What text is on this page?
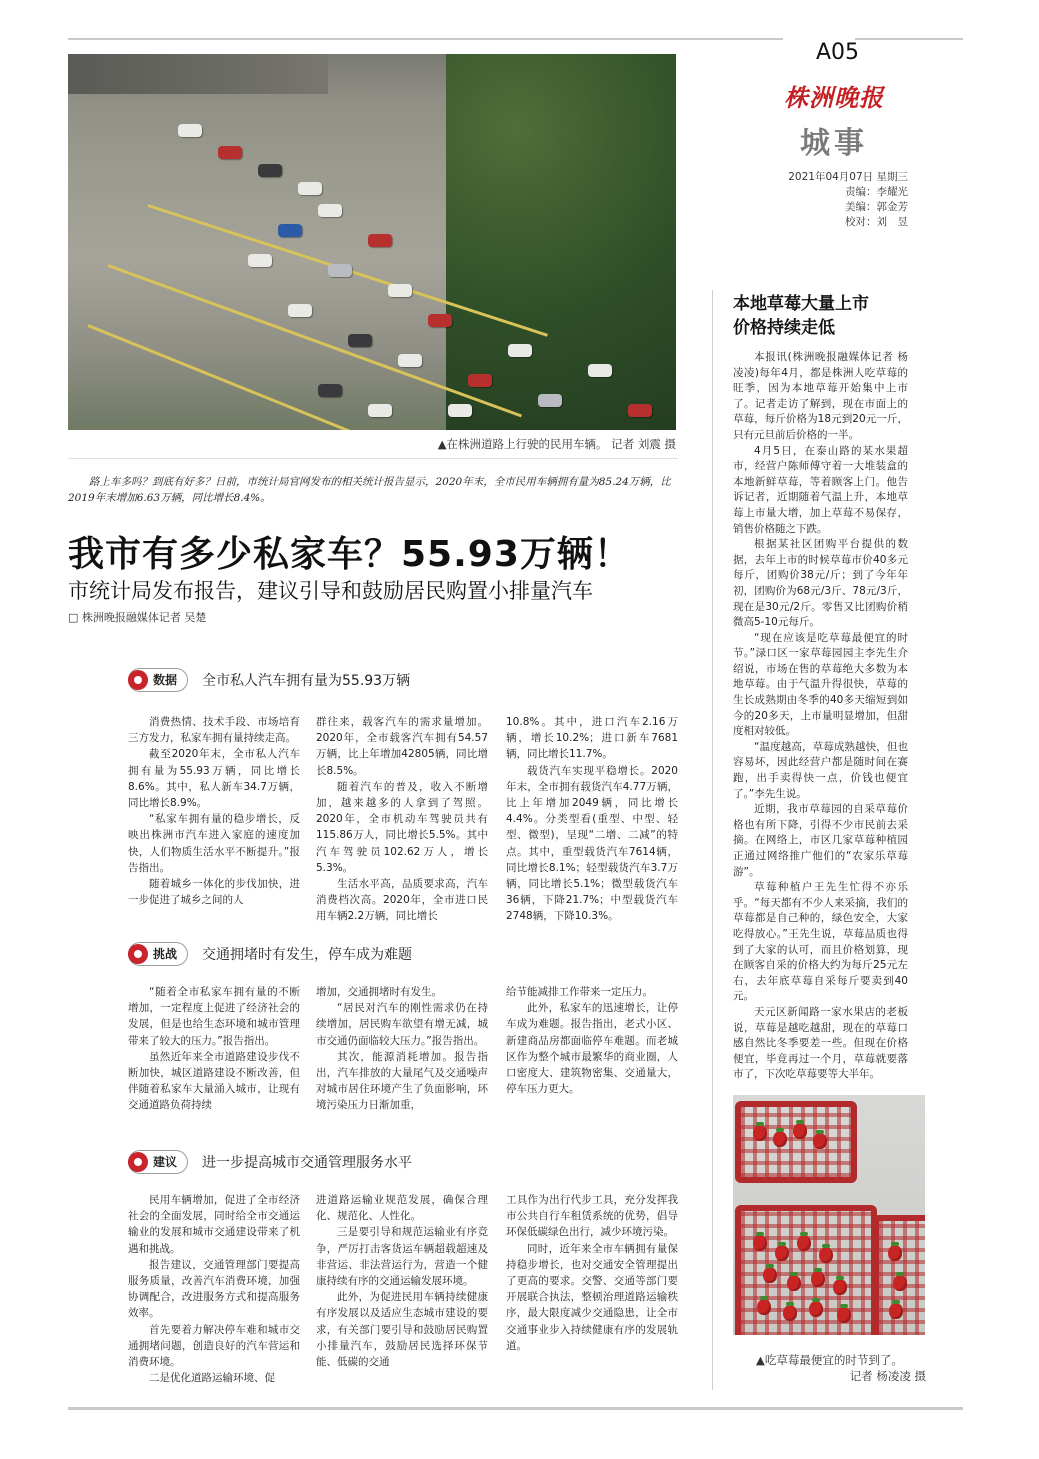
A05
株洲晚报
城事
2021年04月07日 星期三
责编：李耀光
美编：郭金芳
校对：刘　昱
▲在株洲道路上行驶的民用车辆。 记者 刘震 摄
路上车多吗？到底有好多？日前，市统计局官网发布的相关统计报告显示，2020年末，全市民用车辆拥有量为85.24万辆，比2019年末增加6.63万辆，同比增长8.4%。
我市有多少私家车？55.93万辆！
市统计局发布报告，建议引导和鼓励居民购置小排量汽车
□ 株洲晚报融媒体记者 吴楚
数据	全市私人汽车拥有量为55.93万辆
挑战	交通拥堵时有发生，停车成为难题
建议	进一步提高城市交通管理服务水平

消费热情、技术手段、市场培育三方发力，私家车拥有量持续走高。

截至2020年末，全市私人汽车拥有量为55.93万辆，同比增长8.6%。其中，私人新车34.7万辆，同比增长8.9%。

“私家车拥有量的稳步增长，反映出株洲市汽车进入家庭的速度加快，人们物质生活水平不断提升。”报告指出。

随着城乡一体化的步伐加快，进一步促进了城乡之间的人

群往来，载客汽车的需求量增加。2020年，全市载客汽车拥有54.57万辆，比上年增加42805辆，同比增长8.5%。

随着汽车的普及，收入不断增加，越来越多的人拿到了驾照。2020年，全市机动车驾驶员共有115.86万人，同比增长5.5%。其中汽车驾驶员102.62万人，增长5.3%。

生活水平高，品质要求高，汽车消费档次高。2020年，全市进口民用车辆2.2万辆，同比增长

10.8%。其中，进口汽车2.16万辆，增长10.2%；进口新车7681辆，同比增长11.7%。

载货汽车实现平稳增长。2020年末，全市拥有载货汽车4.77万辆，比上年增加2049辆，同比增长4.4%。分类型看(重型、中型、轻型、微型)，呈现“二增、二减”的特点。其中，重型载货汽车7614辆，同比增长8.1%；轻型载货汽车3.7万辆，同比增长5.1%；微型载货汽车36辆，下降21.7%；中型载货汽车2748辆，下降10.3%。

“随着全市私家车拥有量的不断增加，一定程度上促进了经济社会的发展，但是也给生态环境和城市管理带来了较大的压力。”报告指出。

虽然近年来全市道路建设步伐不断加快，城区道路建设不断改善，但伴随着私家车大量涌入城市，让现有交通道路负荷持续

增加，交通拥堵时有发生。

“居民对汽车的刚性需求仍在持续增加，居民购车欲望有增无减，城市交通仍面临较大压力。”报告指出。

其次，能源消耗增加。报告指出，汽车排放的大量尾气及交通噪声对城市居住环境产生了负面影响，环境污染压力日渐加重，

给节能减排工作带来一定压力。

此外，私家车的迅速增长，让停车成为难题。报告指出，老式小区、新建商品房都面临停车难题。而老城区作为整个城市最繁华的商业圈，人口密度大、建筑物密集、交通量大，停车压力更大。

民用车辆增加，促进了全市经济社会的全面发展，同时给全市交通运输业的发展和城市交通建设带来了机遇和挑战。

报告建议，交通管理部门要提高服务质量，改善汽车消费环境，加强协调配合，改进服务方式和提高服务效率。

首先要着力解决停车难和城市交通拥堵问题，创造良好的汽车营运和消费环境。

二是优化道路运输环境、促

进道路运输业规范发展，确保合理化、规范化、人性化。

三是要引导和规范运输业有序竞争，严厉打击客货运车辆超载超速及非营运、非法营运行为，营造一个健康持续有序的交通运输发展环境。

此外，为促进民用车辆持续健康有序发展以及适应生态城市建设的要求，有关部门要引导和鼓励居民购置小排量汽车，鼓励居民选择环保节能、低碳的交通

工具作为出行代步工具，充分发挥我市公共自行车租赁系统的优势，倡导环保低碳绿色出行，减少环境污染。

同时，近年来全市车辆拥有量保持稳步增长，也对交通安全管理提出了更高的要求。交警、交通等部门要开展联合执法，整顿治理道路运输秩序，最大限度减少交通隐患，让全市交通事业步入持续健康有序的发展轨道。

本地草莓大量上市
价格持续走低

本报讯(株洲晚报融媒体记者 杨凌凌)每年4月，都是株洲人吃草莓的旺季，因为本地草莓开始集中上市了。记者走访了解到，现在市面上的草莓，每斤价格为18元到20元一斤，只有元旦前后价格的一半。

4月5日，在泰山路的某水果超市，经营户陈师傅守着一大堆装盒的本地新鲜草莓，等着顾客上门。他告诉记者，近期随着气温上升，本地草莓上市量大增，加上草莓不易保存，销售价格随之下跌。

根据某社区团购平台提供的数据，去年上市的时候草莓市价40多元每斤，团购价38元/斤；到了今年年初，团购价为68元/3斤、78元/3斤，现在是30元/2斤。零售又比团购价稍微高5-10元每斤。

“现在应该是吃草莓最便宜的时节。”渌口区一家草莓园园主李先生介绍说，市场在售的草莓绝大多数为本地草莓。由于气温升得很快，草莓的生长成熟期由冬季的40多天缩短到如今的20多天，上市量明显增加，但甜度相对较低。

“温度越高，草莓成熟越快，但也容易坏，因此经营户都是随时间在赛跑，出手卖得快一点，价钱也便宜了。”李先生说。

近期，我市草莓园的自采草莓价格也有所下降，引得不少市民前去采摘。在网络上，市区几家草莓种植园正通过网络推广他们的“农家乐草莓游”。

草莓种植户王先生忙得不亦乐乎。“每天都有不少人来采摘，我们的草莓都是自己种的，绿色安全，大家吃得放心。”王先生说，草莓品质也得到了大家的认可，而且价格划算，现在顾客自采的价格大约为每斤25元左右，去年底草莓自采每斤要卖到40元。

天元区新闻路一家水果店的老板说，草莓是越吃越甜，现在的草莓口感自然比冬季要差一些。但现在价格便宜，毕竟再过一个月，草莓就要落市了，下次吃草莓要等大半年。

▲吃草莓最便宜的时节到了。
记者 杨凌凌 摄
